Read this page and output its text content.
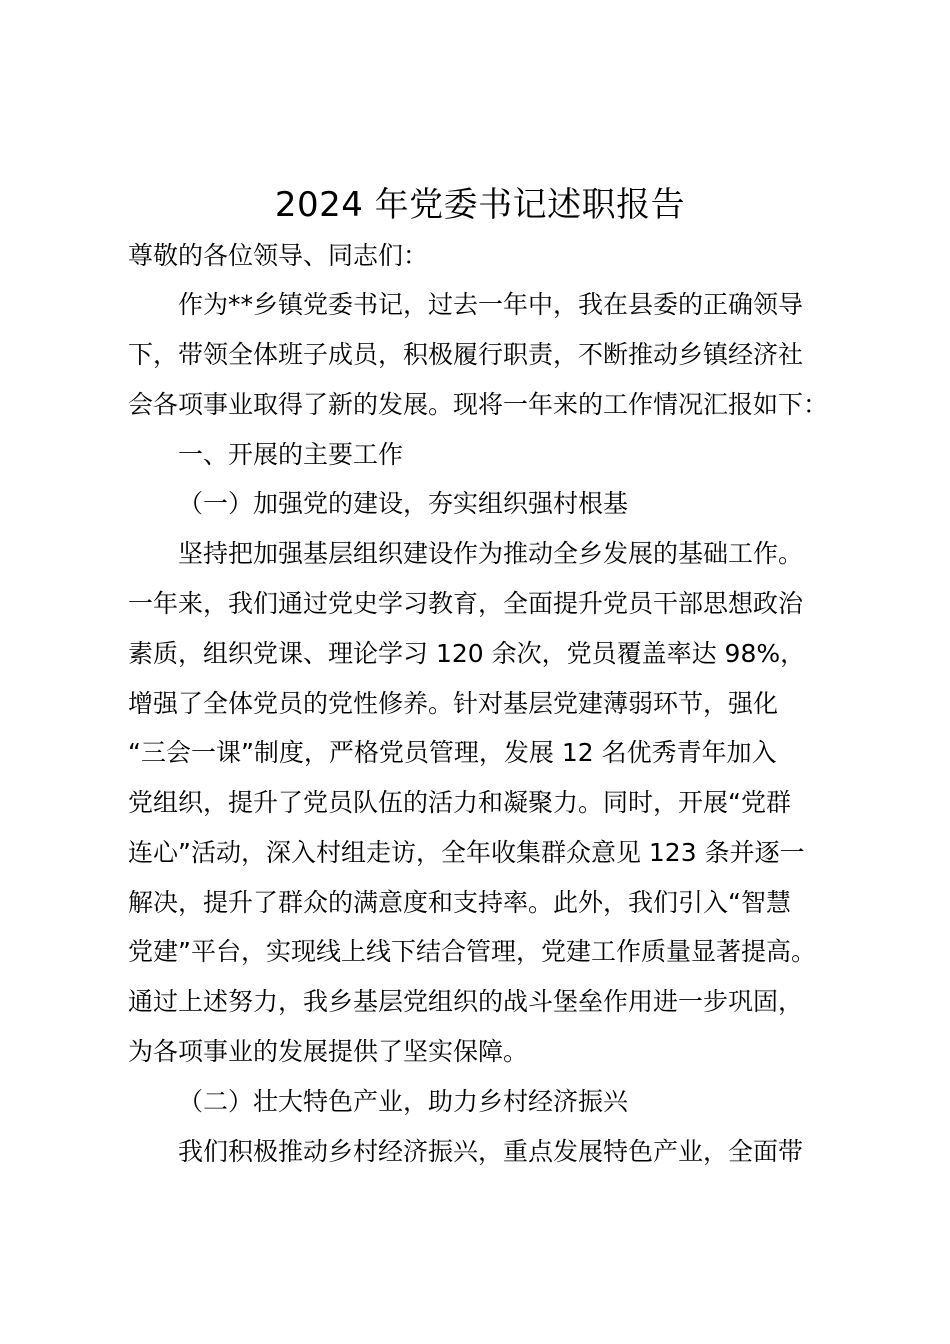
2024 年党委书记述职报告
尊敬的各位领导、同志们：
作为**乡镇党委书记，过去一年中，我在县委的正确领导
下，带领全体班子成员，积极履行职责，不断推动乡镇经济社
会各项事业取得了新的发展。现将一年来的工作情况汇报如下：
一、开展的主要工作
（一）加强党的建设，夯实组织强村根基
坚持把加强基层组织建设作为推动全乡发展的基础工作。
一年来，我们通过党史学习教育，全面提升党员干部思想政治
素质，组织党课、理论学习 120 余次，党员覆盖率达 98%，
增强了全体党员的党性修养。针对基层党建薄弱环节，强化
“三会一课”制度，严格党员管理，发展 12 名优秀青年加入
党组织，提升了党员队伍的活力和凝聚力。同时，开展“党群
连心”活动，深入村组走访，全年收集群众意见 123 条并逐一
解决，提升了群众的满意度和支持率。此外，我们引入“智慧
党建”平台，实现线上线下结合管理，党建工作质量显著提高。
通过上述努力，我乡基层党组织的战斗堡垒作用进一步巩固，
为各项事业的发展提供了坚实保障。
（二）壮大特色产业，助力乡村经济振兴
我们积极推动乡村经济振兴，重点发展特色产业，全面带
